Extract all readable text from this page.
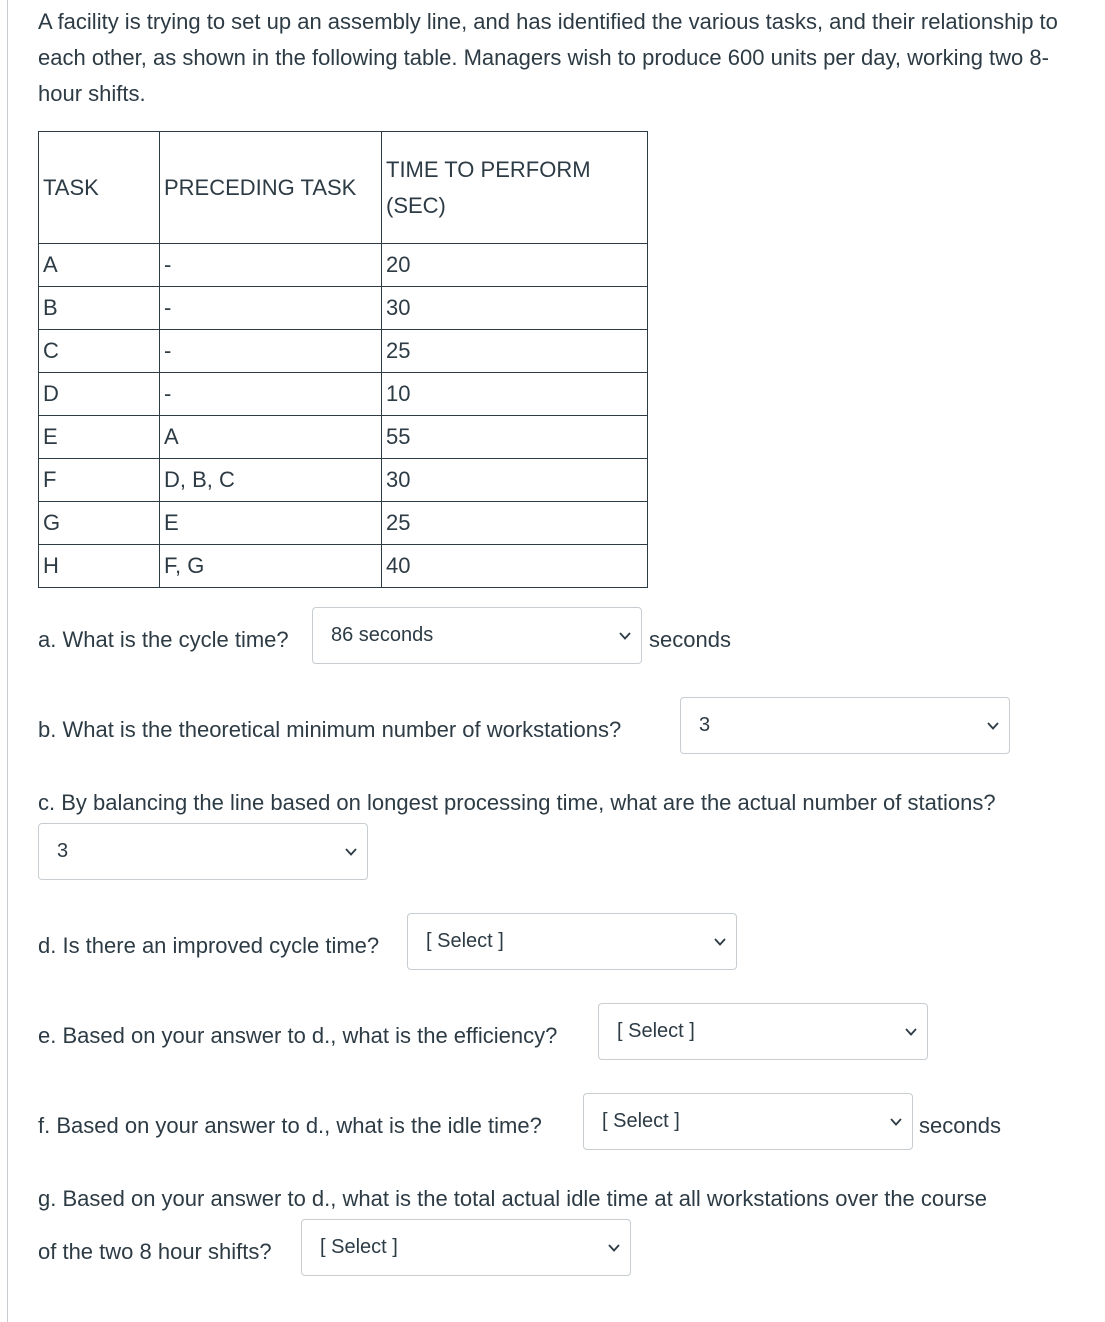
A facility is trying to set up an assembly line, and has identified the various tasks, and their relationship to each other, as shown in the following table. Managers wish to produce 600 units per day, working two 8-hour shifts.

TASK	PRECEDING TASK	TIME TO PERFORM (SEC)
A	-	20
B	-	30
C	-	25
D	-	10
E	A	55
F	D, B, C	30
G	E	25
H	F, G	40
a. What is the cycle time? 86 seconds	seconds
b. What is the theoretical minimum number of workstations?	3
c. By balancing the line based on longest processing time, what are the actual number of stations?
3
d. Is there an improved cycle time? [ Select ]
e. Based on your answer to d., what is the efficiency?	[ Select ]
f. Based on your answer to d., what is the idle time?	[ Select ]	seconds
g. Based on your answer to d., what is the total actual idle time at all workstations over the course
of the two 8 hour shifts? [ Select ]
